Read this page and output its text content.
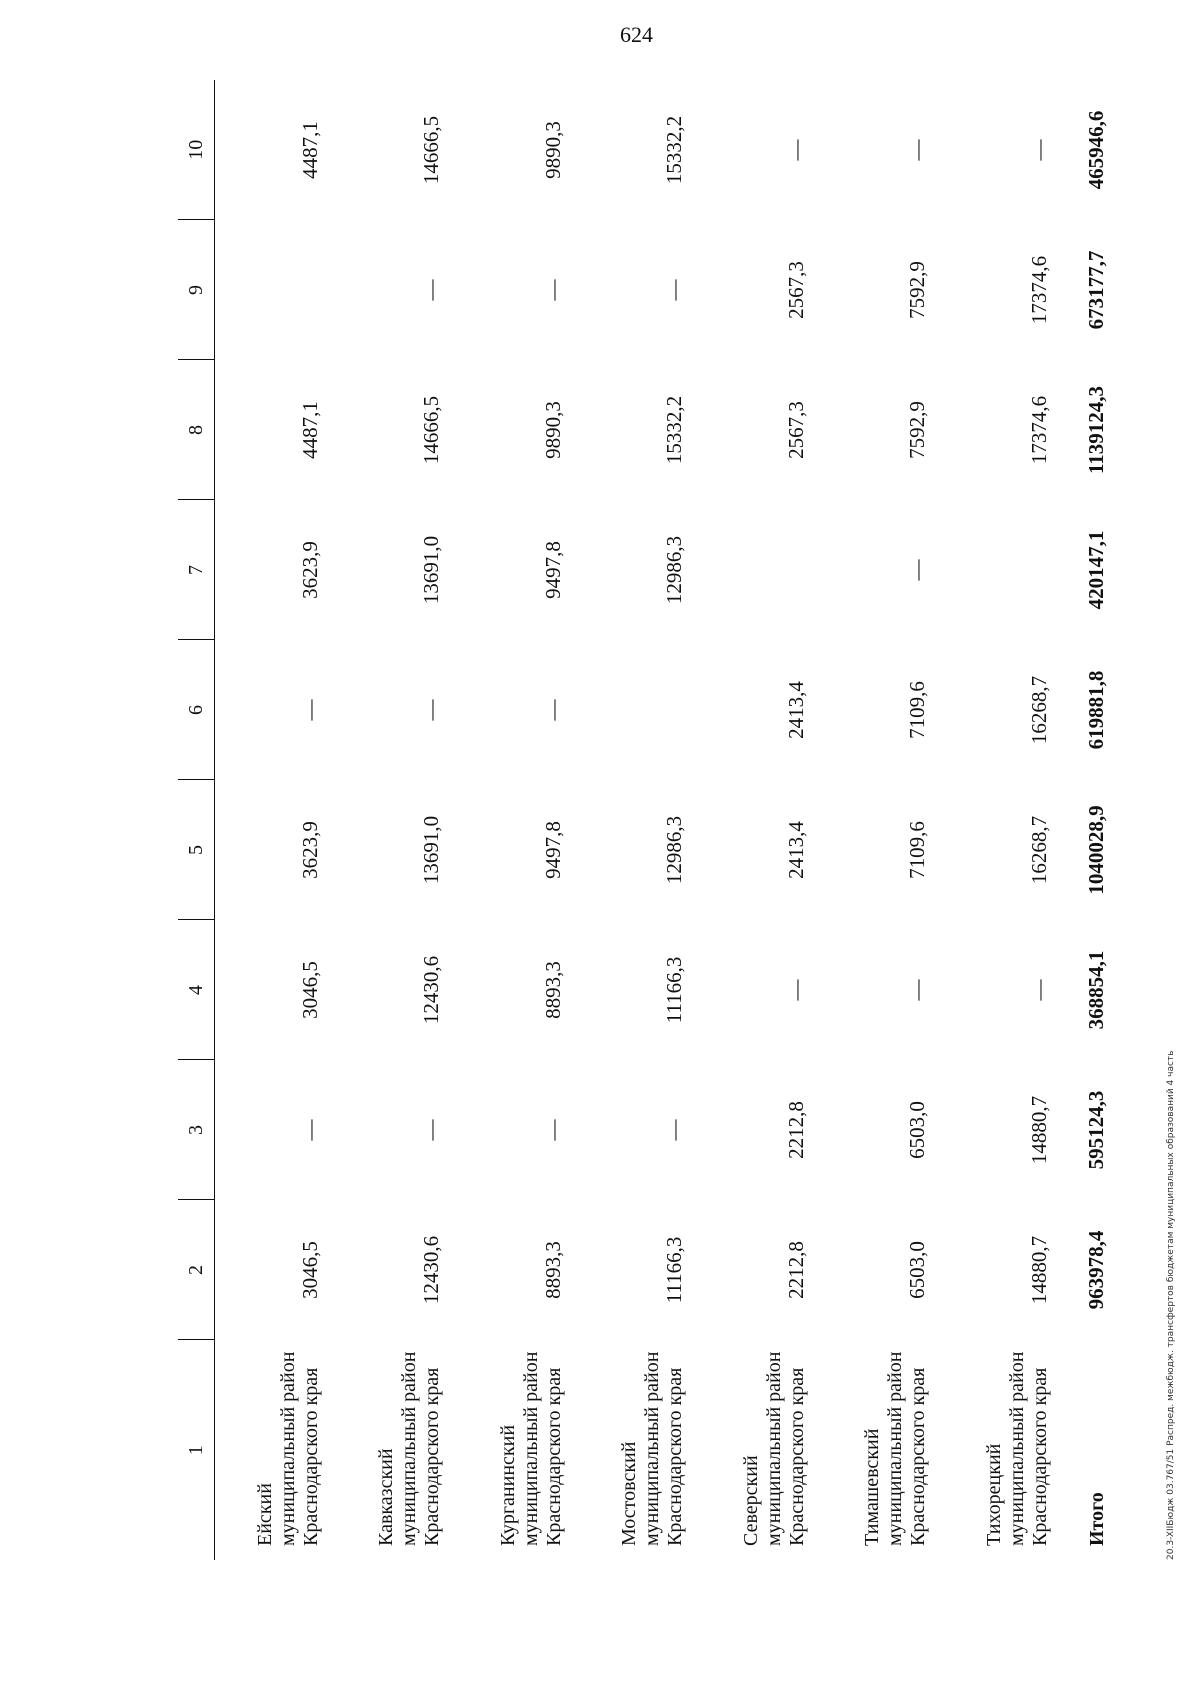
624
1	2	3	4	5	6	7	8	9	10
Ейский муниципальный район Краснодарского края	3046,5	—	3046,5	3623,9	—	3623,9	4487,1		4487,1
Кавказский муниципальный район Краснодарского края	12430,6	—	12430,6	13691,0	—	13691,0	14666,5	—	14666,5
Курганинский муниципальный район Краснодарского края	8893,3	—	8893,3	9497,8	—	9497,8	9890,3	—	9890,3
Мостовский муниципальный район Краснодарского края	11166,3	—	11166,3	12986,3		12986,3	15332,2	—	15332,2
Северский муниципальный район Краснодарского края	2212,8	2212,8	—	2413,4	2413,4		2567,3	2567,3	—
Тимашевский муниципальный район Краснодарского края	6503,0	6503,0	—	7109,6	7109,6	—	7592,9	7592,9	—
Тихорецкий муниципальный район Краснодарского края	14880,7	14880,7	—	16268,7	16268,7		17374,6	17374,6	—
Итого	963978,4	595124,3	368854,1	1040028,9	619881,8	420147,1	1139124,3	673177,7	465946,6
20.3-XIIБюдж 03.767/51 Распред. межбюдж. трансфертов бюджетам муниципальных образований 4 часть
